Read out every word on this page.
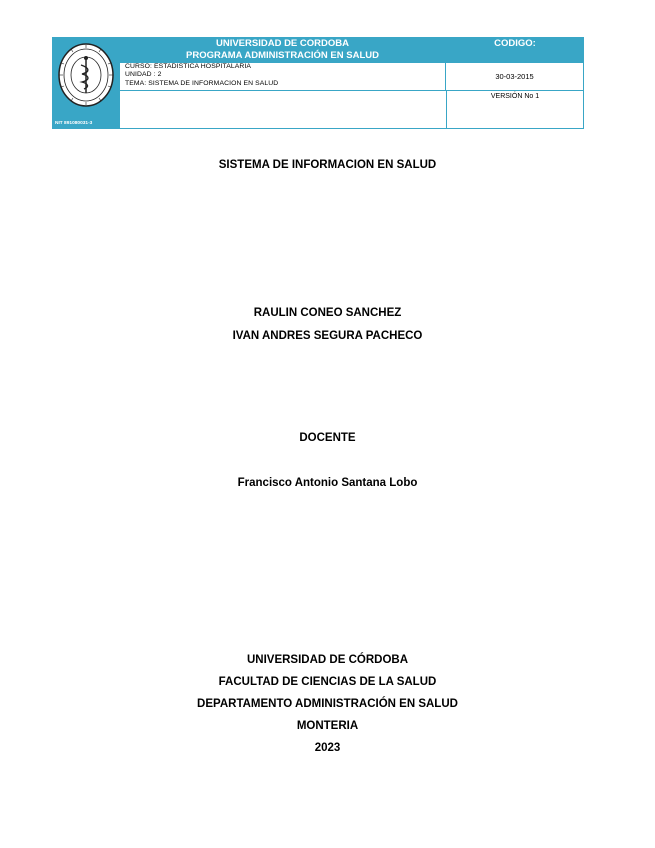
NIT 891080031-3
UNIVERSIDAD DE CORDOBA
PROGRAMA ADMINISTRACIÓN EN SALUD
CODIGO:
CURSO: ESTADISTICA HOSPITALARIA
UNIDAD : 2
TEMA: SISTEMA DE INFORMACION EN SALUD
30-03-2015
VERSIÓN No 1
SISTEMA DE INFORMACION EN SALUD
RAULIN CONEO SANCHEZ
IVAN ANDRES SEGURA PACHECO
DOCENTE
Francisco Antonio Santana Lobo
UNIVERSIDAD DE CÓRDOBA
FACULTAD DE CIENCIAS DE LA SALUD
DEPARTAMENTO ADMINISTRACIÓN EN SALUD
MONTERIA
2023
